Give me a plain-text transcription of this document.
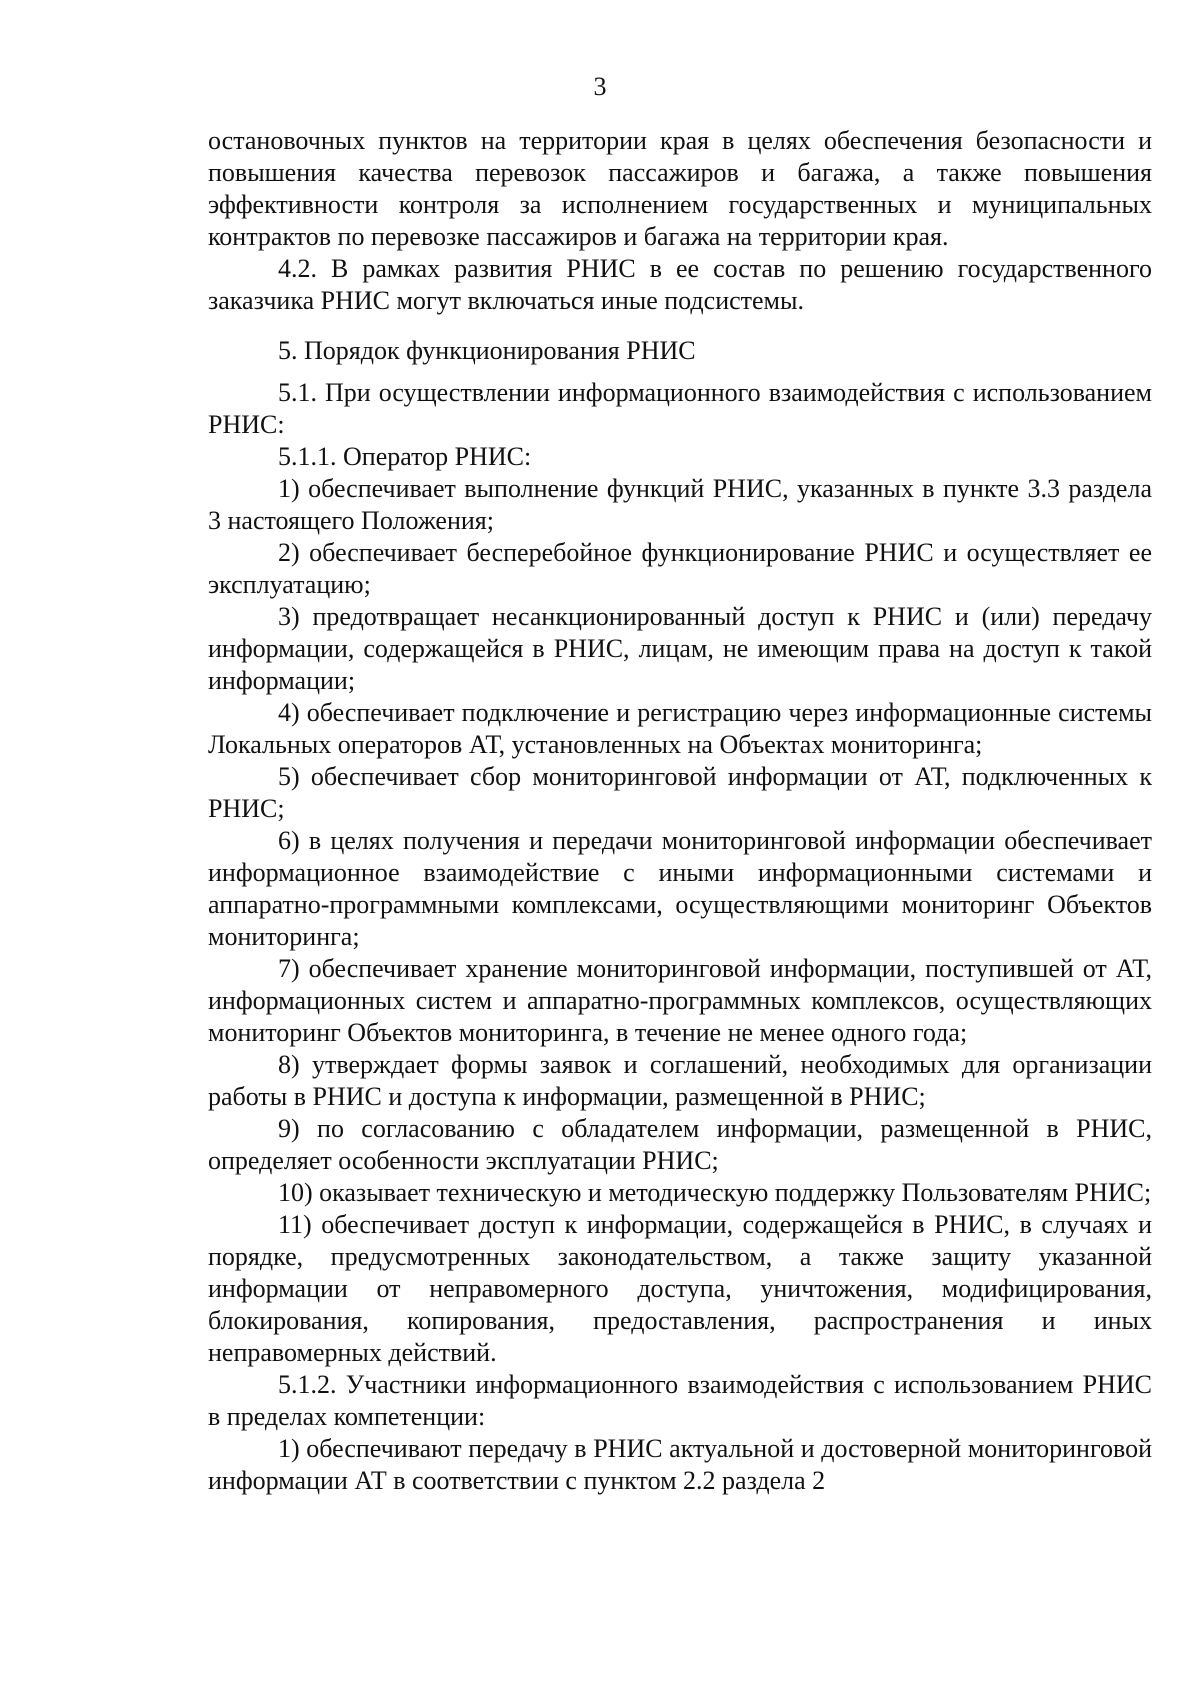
3

остановочных пунктов на территории края в целях обеспечения безопасности и повышения качества перевозок пассажиров и багажа, а также повышения эффективности контроля за исполнением государственных и муниципальных контрактов по перевозке пассажиров и багажа на территории края.

4.2. В рамках развития РНИС в ее состав по решению государственного заказчика РНИС могут включаться иные подсистемы.

5. Порядок функционирования РНИС

5.1. При осуществлении информационного взаимодействия с использованием РНИС:

5.1.1. Оператор РНИС:

1) обеспечивает выполнение функций РНИС, указанных в пункте 3.3 раздела 3 настоящего Положения;

2) обеспечивает бесперебойное функционирование РНИС и осуществляет ее эксплуатацию;

3) предотвращает несанкционированный доступ к РНИС и (или) передачу информации, содержащейся в РНИС, лицам, не имеющим права на доступ к такой информации;

4) обеспечивает подключение и регистрацию через информационные системы Локальных операторов АТ, установленных на Объектах мониторинга;

5) обеспечивает сбор мониторинговой информации от АТ, подключенных к РНИС;

6) в целях получения и передачи мониторинговой информации обеспечивает информационное взаимодействие с иными информационными системами и аппаратно-программными комплексами, осуществляющими мониторинг Объектов мониторинга;

7) обеспечивает хранение мониторинговой информации, поступившей от АТ, информационных систем и аппаратно-программных комплексов, осуществляющих мониторинг Объектов мониторинга, в течение не менее одного года;

8) утверждает формы заявок и соглашений, необходимых для организации работы в РНИС и доступа к информации, размещенной в РНИС;

9) по согласованию с обладателем информации, размещенной в РНИС, определяет особенности эксплуатации РНИС;

10) оказывает техническую и методическую поддержку Пользователям РНИС;

11) обеспечивает доступ к информации, содержащейся в РНИС, в случаях и порядке, предусмотренных законодательством, а также защиту указанной информации от неправомерного доступа, уничтожения, модифицирования, блокирования, копирования, предоставления, распространения и иных неправомерных действий.

5.1.2. Участники информационного взаимодействия с использованием РНИС в пределах компетенции:

1) обеспечивают передачу в РНИС актуальной и достоверной мониторинговой информации АТ в соответствии с пунктом 2.2 раздела 2
